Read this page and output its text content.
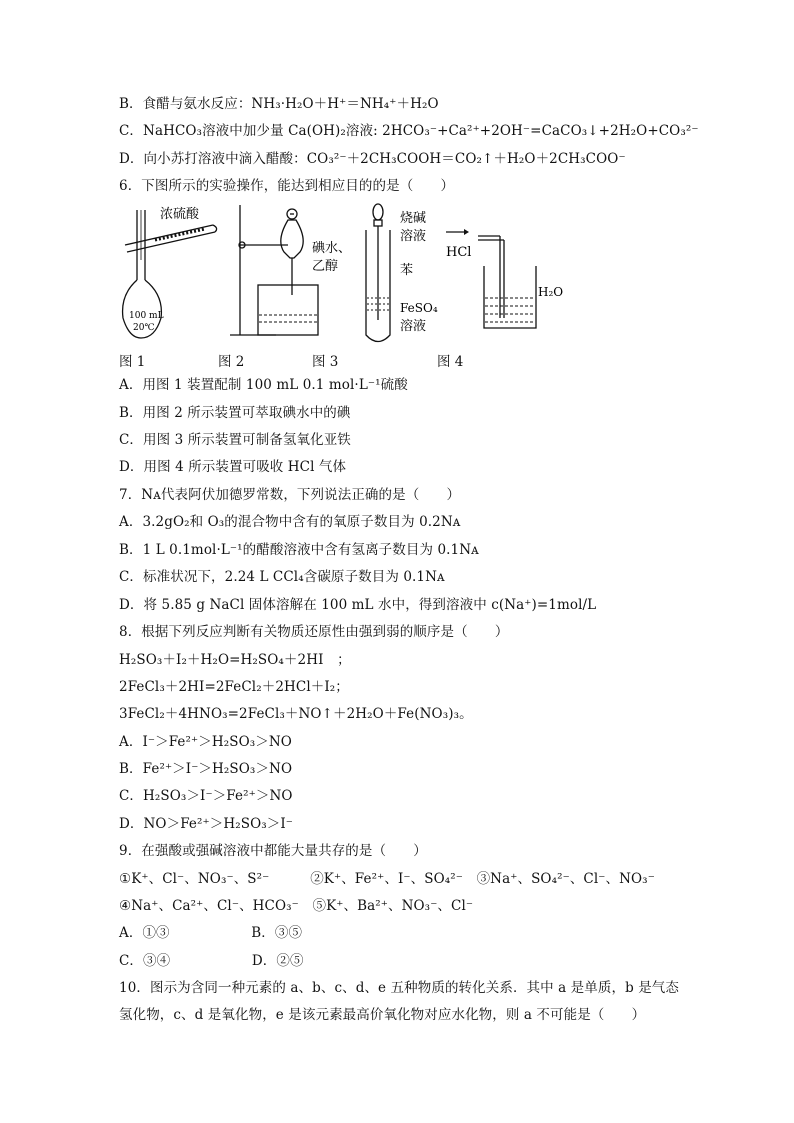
B．食醋与氨水反应：NH₃·H₂O＋H⁺＝NH₄⁺＋H₂O
C．NaHCO₃溶液中加少量 Ca(OH)₂溶液: 2HCO₃⁻+Ca²⁺+2OH⁻=CaCO₃↓+2H₂O+CO₃²⁻
D．向小苏打溶液中滴入醋酸：CO₃²⁻＋2CH₃COOH＝CO₂↑＋H₂O＋2CH₃COO⁻
6．下图所示的实验操作，能达到相应目的的是（　　）
浓硫酸
100 mL
20℃
碘水、
乙醇
烧碱
溶液
苯
FeSO₄
溶液
HCl
H₂O
图 1	图 2	图 3	图 4
A．用图 1 装置配制 100 mL 0.1 mol·L⁻¹硫酸
B．用图 2 所示装置可萃取碘水中的碘
C．用图 3 所示装置可制备氢氧化亚铁
D．用图 4 所示装置可吸收 HCl 气体
7．Nᴀ代表阿伏加德罗常数，下列说法正确的是（　　）
A．3.2gO₂和 O₃的混合物中含有的氧原子数目为 0.2Nᴀ
B．1 L 0.1mol·L⁻¹的醋酸溶液中含有氢离子数目为 0.1Nᴀ
C．标准状况下，2.24 L CCl₄含碳原子数目为 0.1Nᴀ
D．将 5.85 g NaCl 固体溶解在 100 mL 水中，得到溶液中 c(Na⁺)=1mol/L
8．根据下列反应判断有关物质还原性由强到弱的顺序是（　　）
H₂SO₃＋I₂＋H₂O=H₂SO₄＋2HI　；
2FeCl₃＋2HI=2FeCl₂＋2HCl＋I₂；
3FeCl₂＋4HNO₃=2FeCl₃＋NO↑＋2H₂O＋Fe(NO₃)₃。
A．I⁻＞Fe²⁺＞H₂SO₃＞NO
B．Fe²⁺＞I⁻＞H₂SO₃＞NO
C．H₂SO₃＞I⁻＞Fe²⁺＞NO
D．NO＞Fe²⁺＞H₂SO₃＞I⁻
9．在强酸或强碱溶液中都能大量共存的是（　　）
①K⁺、Cl⁻、NO₃⁻、S²⁻　　　②K⁺、Fe²⁺、I⁻、SO₄²⁻　③Na⁺、SO₄²⁻、Cl⁻、NO₃⁻
④Na⁺、Ca²⁺、Cl⁻、HCO₃⁻　⑤K⁺、Ba²⁺、NO₃⁻、Cl⁻
A．①③　　　　　　B．③⑤
C．③④　　　　　　D．②⑤
10．图示为含同一种元素的 a、b、c、d、e 五种物质的转化关系．其中 a 是单质，b 是气态
氢化物，c、d 是氧化物，e 是该元素最高价氧化物对应水化物，则 a 不可能是（　　）
